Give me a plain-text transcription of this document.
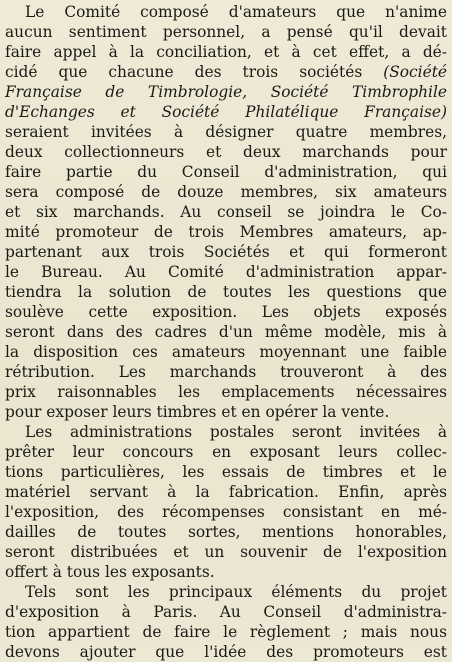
Le Comité composé d'amateurs que n'anime
aucun sentiment personnel, a pensé qu'il devait
faire appel à la conciliation, et à cet effet, a dé-
cidé que chacune des trois sociétés (Société
Française de Timbrologie, Société Timbrophile
d'Echanges et Société Philatélique Française)
seraient invitées à désigner quatre membres,
deux collectionneurs et deux marchands pour
faire partie du Conseil d'administration, qui
sera composé de douze membres, six amateurs
et six marchands. Au conseil se joindra le Co-
mité promoteur de trois Membres amateurs, ap-
partenant aux trois Sociétés et qui formeront
le Bureau. Au Comité d'administration appar-
tiendra la solution de toutes les questions que
soulève cette exposition. Les objets exposés
seront dans des cadres d'un même modèle, mis à
la disposition ces amateurs moyennant une faible
rétribution. Les marchands trouveront à des
prix raisonnables les emplacements nécessaires
pour exposer leurs timbres et en opérer la vente.
Les administrations postales seront invitées à
prêter leur concours en exposant leurs collec-
tions particulières, les essais de timbres et le
matériel servant à la fabrication. Enfin, après
l'exposition, des récompenses consistant en mé-
dailles de toutes sortes, mentions honorables,
seront distribuées et un souvenir de l'exposition
offert à tous les exposants.
Tels sont les principaux éléments du projet
d'exposition à Paris. Au Conseil d'administra-
tion appartient de faire le règlement ; mais nous
devons ajouter que l'idée des promoteurs est
